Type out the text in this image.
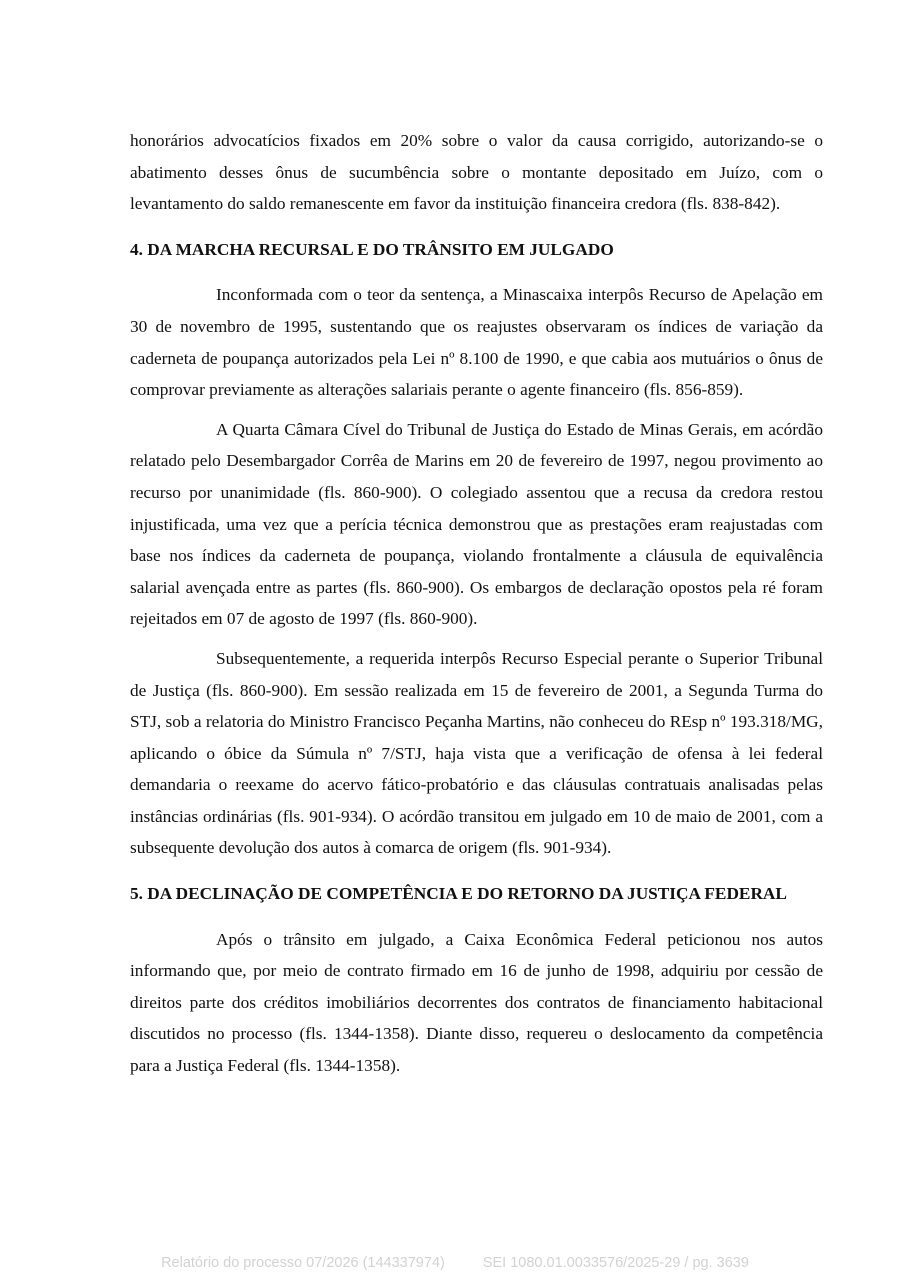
honorários advocatícios fixados em 20% sobre o valor da causa corrigido, autorizando-se o abatimento desses ônus de sucumbência sobre o montante depositado em Juízo, com o levantamento do saldo remanescente em favor da instituição financeira credora (fls. 838-842).

4. DA MARCHA RECURSAL E DO TRÂNSITO EM JULGADO

Inconformada com o teor da sentença, a Minascaixa interpôs Recurso de Apelação em 30 de novembro de 1995, sustentando que os reajustes observaram os índices de variação da caderneta de poupança autorizados pela Lei nº 8.100 de 1990, e que cabia aos mutuários o ônus de comprovar previamente as alterações salariais perante o agente financeiro (fls. 856-859).

A Quarta Câmara Cível do Tribunal de Justiça do Estado de Minas Gerais, em acórdão relatado pelo Desembargador Corrêa de Marins em 20 de fevereiro de 1997, negou provimento ao recurso por unanimidade (fls. 860-900). O colegiado assentou que a recusa da credora restou injustificada, uma vez que a perícia técnica demonstrou que as prestações eram reajustadas com base nos índices da caderneta de poupança, violando frontalmente a cláusula de equivalência salarial avençada entre as partes (fls. 860-900). Os embargos de declaração opostos pela ré foram rejeitados em 07 de agosto de 1997 (fls. 860-900).

Subsequentemente, a requerida interpôs Recurso Especial perante o Superior Tribunal de Justiça (fls. 860-900). Em sessão realizada em 15 de fevereiro de 2001, a Segunda Turma do STJ, sob a relatoria do Ministro Francisco Peçanha Martins, não conheceu do REsp nº 193.318/MG, aplicando o óbice da Súmula nº 7/STJ, haja vista que a verificação de ofensa à lei federal demandaria o reexame do acervo fático-probatório e das cláusulas contratuais analisadas pelas instâncias ordinárias (fls. 901-934). O acórdão transitou em julgado em 10 de maio de 2001, com a subsequente devolução dos autos à comarca de origem (fls. 901-934).

5. DA DECLINAÇÃO DE COMPETÊNCIA E DO RETORNO DA JUSTIÇA FEDERAL

Após o trânsito em julgado, a Caixa Econômica Federal peticionou nos autos informando que, por meio de contrato firmado em 16 de junho de 1998, adquiriu por cessão de direitos parte dos créditos imobiliários decorrentes dos contratos de financiamento habitacional discutidos no processo (fls. 1344-1358). Diante disso, requereu o deslocamento da competência para a Justiça Federal (fls. 1344-1358).

Relatório do processo 07/2026 (144337974)	SEI 1080.01.0033576/2025-29 / pg. 3639
